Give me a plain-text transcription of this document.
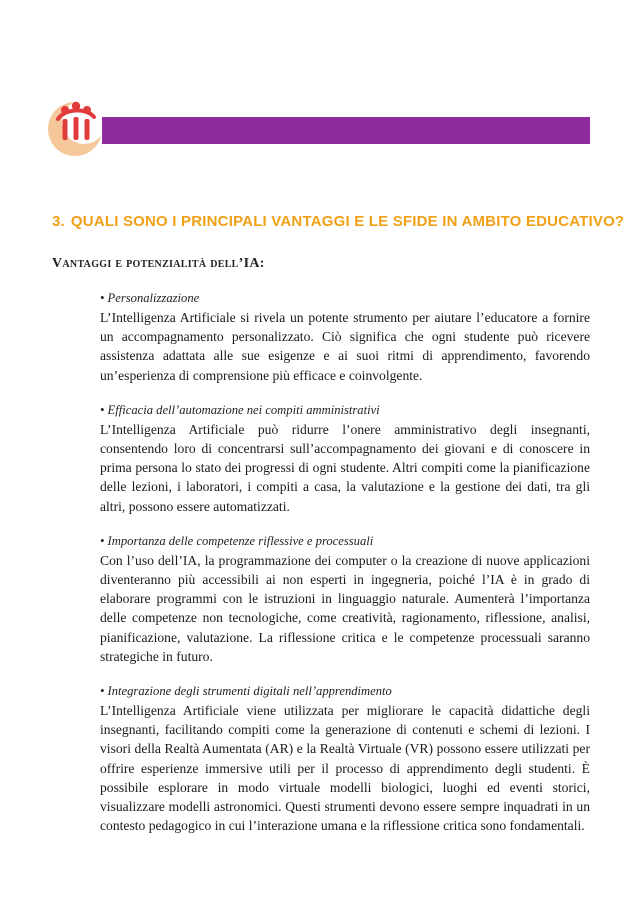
3. QUALI SONO I PRINCIPALI VANTAGGI E LE SFIDE IN AMBITO EDUCATIVO?
Vantaggi e potenzialità dell’IA:
• Personalizzazione
L’Intelligenza Artificiale si rivela un potente strumento per aiutare l’educatore a fornire un accompagnamento personalizzato. Ciò significa che ogni studente può ricevere assistenza adattata alle sue esigenze e ai suoi ritmi di apprendimento, favorendo un’esperienza di comprensione più efficace e coinvolgente.
• Efficacia dell’automazione nei compiti amministrativi
L’Intelligenza Artificiale può ridurre l’onere amministrativo degli insegnanti, consentendo loro di concentrarsi sull’accompagnamento dei giovani e di conoscere in prima persona lo stato dei progressi di ogni studente. Altri compiti come la pianificazione delle lezioni, i laboratori, i compiti a casa, la valutazione e la gestione dei dati, tra gli altri, possono essere automatizzati.
• Importanza delle competenze riflessive e processuali
Con l’uso dell’IA, la programmazione dei computer o la creazione di nuove applicazioni diventeranno più accessibili ai non esperti in ingegneria, poiché l’IA è in grado di elaborare programmi con le istruzioni in linguaggio naturale. Aumenterà l’importanza delle competenze non tecnologiche, come creatività, ragionamento, riflessione, analisi, pianificazione, valutazione. La riflessione critica e le competenze processuali saranno strategiche in futuro.
• Integrazione degli strumenti digitali nell’apprendimento
L’Intelligenza Artificiale viene utilizzata per migliorare le capacità didattiche degli insegnanti, facilitando compiti come la generazione di contenuti e schemi di lezioni. I visori della Realtà Aumentata (AR) e la Realtà Virtuale (VR) possono essere utilizzati per offrire esperienze immersive utili per il processo di apprendimento degli studenti. È possibile esplorare in modo virtuale modelli biologici, luoghi ed eventi storici, visualizzare modelli astronomici. Questi strumenti devono essere sempre inquadrati in un contesto pedagogico in cui l’interazione umana e la riflessione critica sono fondamentali.
